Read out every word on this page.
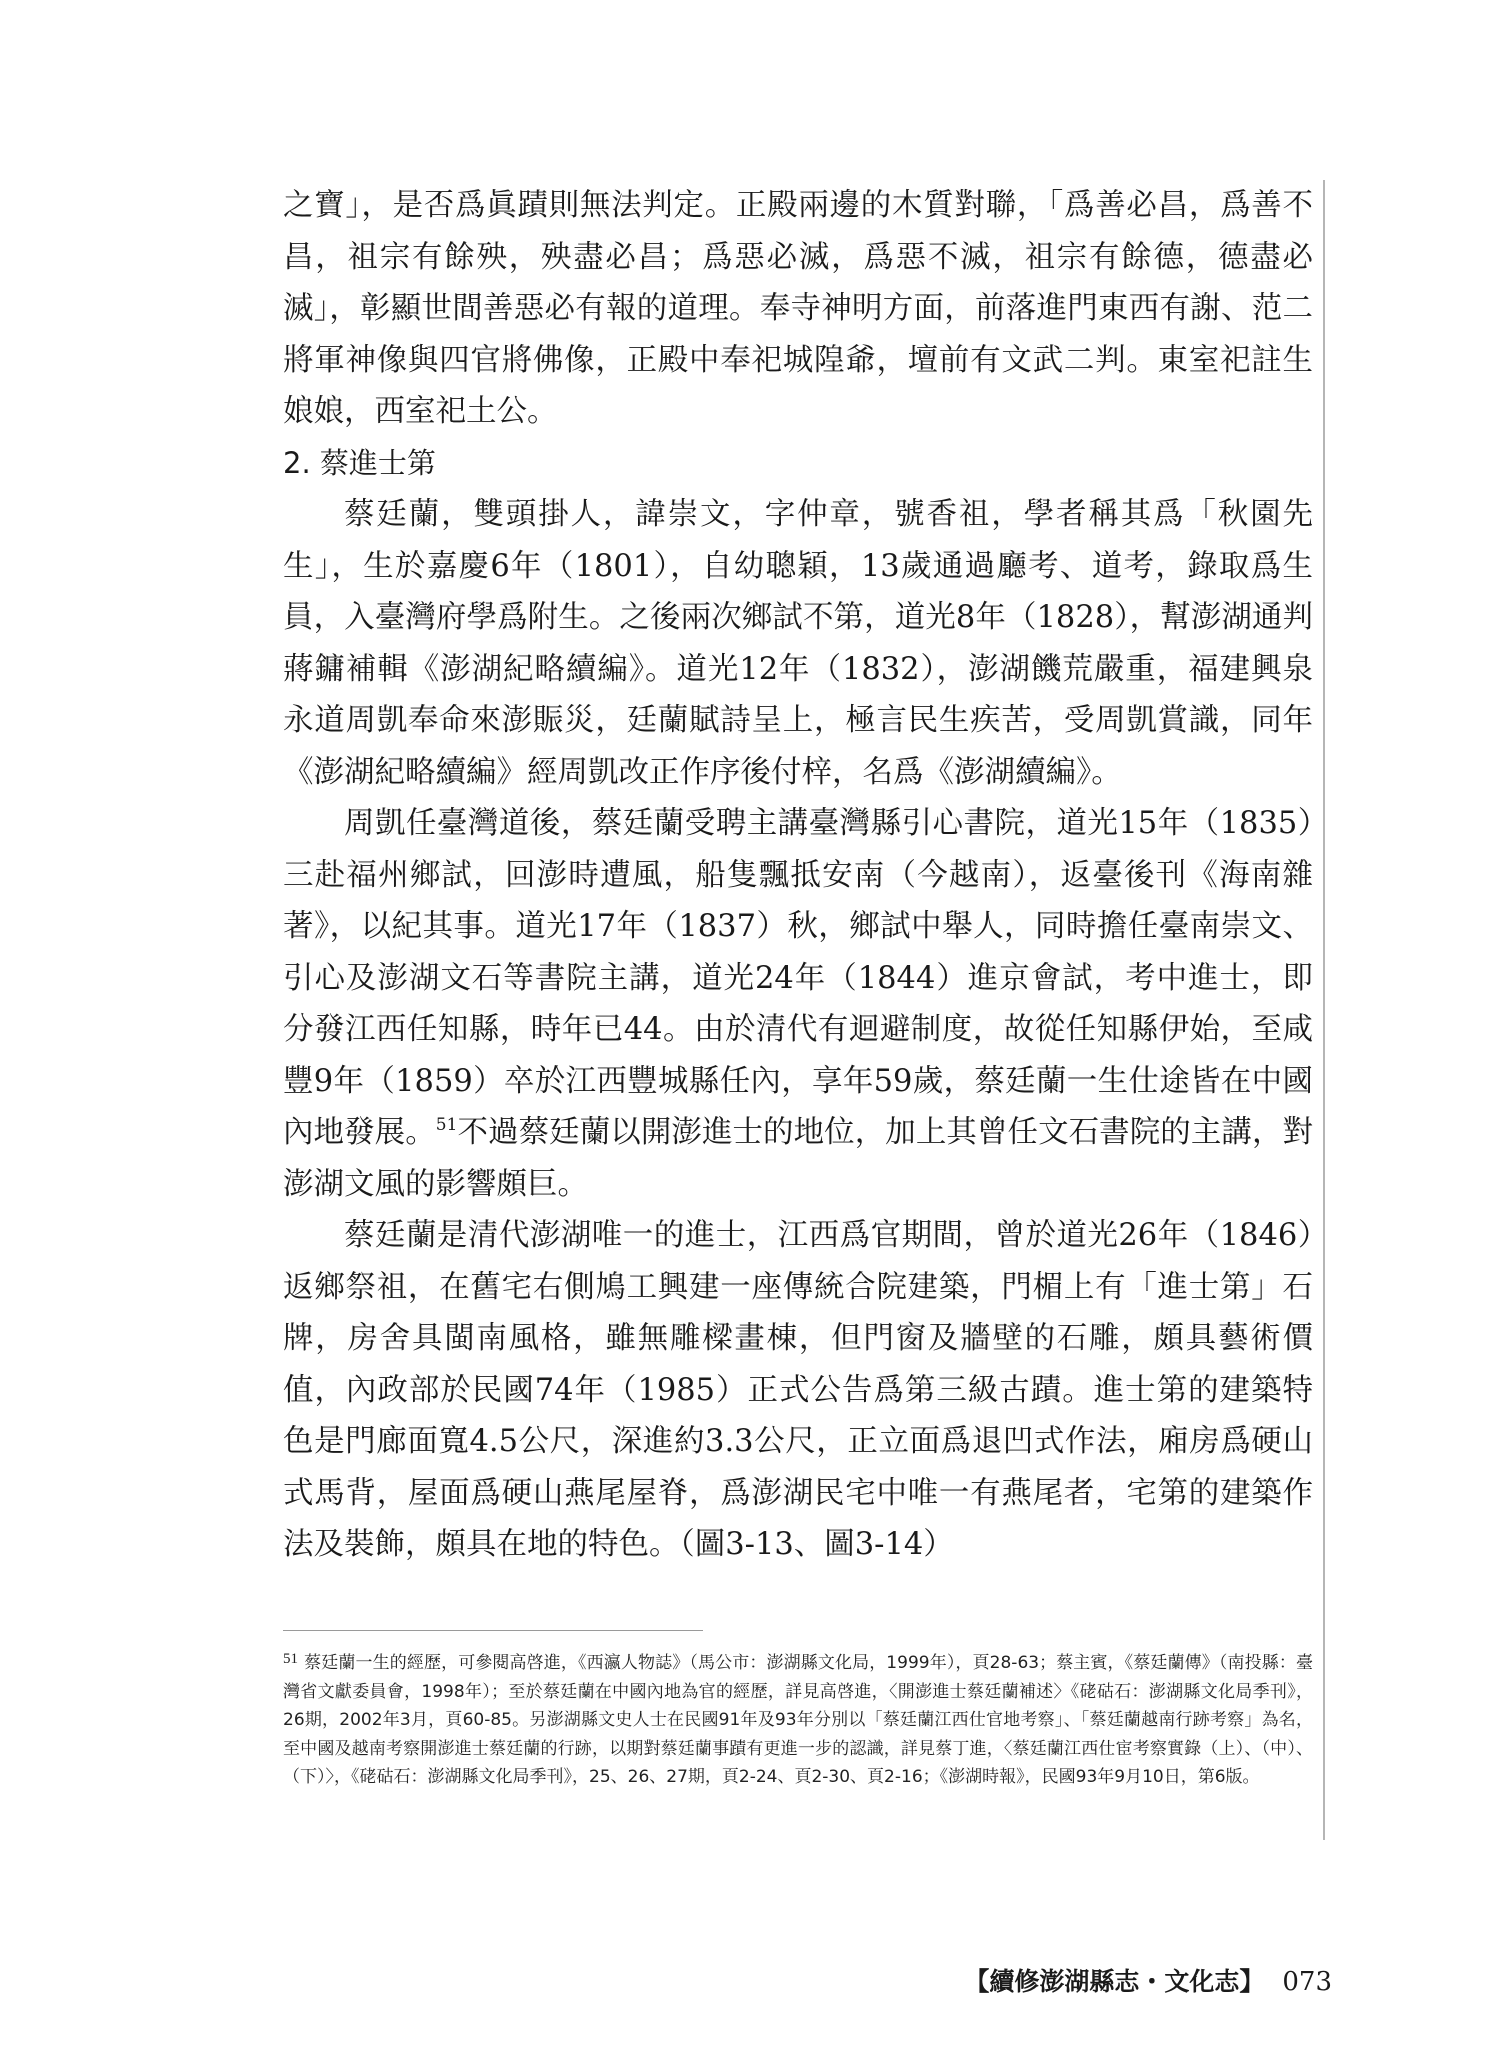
之寶」，是否爲眞蹟則無法判定。正殿兩邊的木質對聯，「爲善必昌，爲善不昌，祖宗有餘殃，殃盡必昌；爲惡必滅，爲惡不滅，祖宗有餘德，德盡必滅」，彰顯世間善惡必有報的道理。奉寺神明方面，前落進門東西有謝、范二將軍神像與四官將佛像，正殿中奉祀城隍爺，壇前有文武二判。東室祀註生娘娘，西室祀土公。

2. 蔡進士第

蔡廷蘭，雙頭掛人，諱崇文，字仲章，號香祖，學者稱其爲「秋園先生」，生於嘉慶6年（1801），自幼聰穎，13歲通過廳考、道考，錄取爲生員，入臺灣府學爲附生。之後兩次鄉試不第，道光8年（1828），幫澎湖通判蔣鏞補輯《澎湖紀略續編》。道光12年（1832），澎湖饑荒嚴重，福建興泉永道周凱奉命來澎賑災，廷蘭賦詩呈上，極言民生疾苦，受周凱賞識，同年《澎湖紀略續編》經周凱改正作序後付梓，名爲《澎湖續編》。

周凱任臺灣道後，蔡廷蘭受聘主講臺灣縣引心書院，道光15年（1835）三赴福州鄉試，回澎時遭風，船隻飄抵安南（今越南），返臺後刊《海南雜著》，以紀其事。道光17年（1837）秋，鄉試中舉人，同時擔任臺南崇文、引心及澎湖文石等書院主講，道光24年（1844）進京會試，考中進士，即分發江西任知縣，時年已44。由於清代有迴避制度，故從任知縣伊始，至咸豐9年（1859）卒於江西豐城縣任內，享年59歲，蔡廷蘭一生仕途皆在中國內地發展。$^{51}$不過蔡廷蘭以開澎進士的地位，加上其曾任文石書院的主講，對澎湖文風的影響頗巨。

蔡廷蘭是清代澎湖唯一的進士，江西爲官期間，曾於道光26年（1846）返鄉祭祖，在舊宅右側鳩工興建一座傳統合院建築，門楣上有「進士第」石牌，房舍具閩南風格，雖無雕樑畫棟，但門窗及牆壁的石雕，頗具藝術價值，內政部於民國74年（1985）正式公告爲第三級古蹟。進士第的建築特色是門廊面寬4.5公尺，深進約3.3公尺，正立面爲退凹式作法，廂房爲硬山式馬背，屋面爲硬山燕尾屋脊，爲澎湖民宅中唯一有燕尾者，宅第的建築作法及裝飾，頗具在地的特色。（圖3-13、圖3-14）

51 蔡廷蘭一生的經歷，可參閱高啓進，《西瀛人物誌》（馬公市：澎湖縣文化局，1999年），頁28-63；蔡主賓，《蔡廷蘭傳》（南投縣：臺灣省文獻委員會，1998年）；至於蔡廷蘭在中國內地為官的經歷，詳見高啓進，〈開澎進士蔡廷蘭補述〉《硓𥑮石：澎湖縣文化局季刊》，26期，2002年3月，頁60-85。另澎湖縣文史人士在民國91年及93年分別以「蔡廷蘭江西仕官地考察」、「蔡廷蘭越南行跡考察」為名，至中國及越南考察開澎進士蔡廷蘭的行跡，以期對蔡廷蘭事蹟有更進一步的認識，詳見蔡丁進，〈蔡廷蘭江西仕宦考察實錄（上）、（中）、（下）〉，《硓𥑮石：澎湖縣文化局季刊》，25、26、27期，頁2-24、頁2-30、頁2-16；《澎湖時報》，民國93年9月10日，第6版。

【續修澎湖縣志・文化志】 073
